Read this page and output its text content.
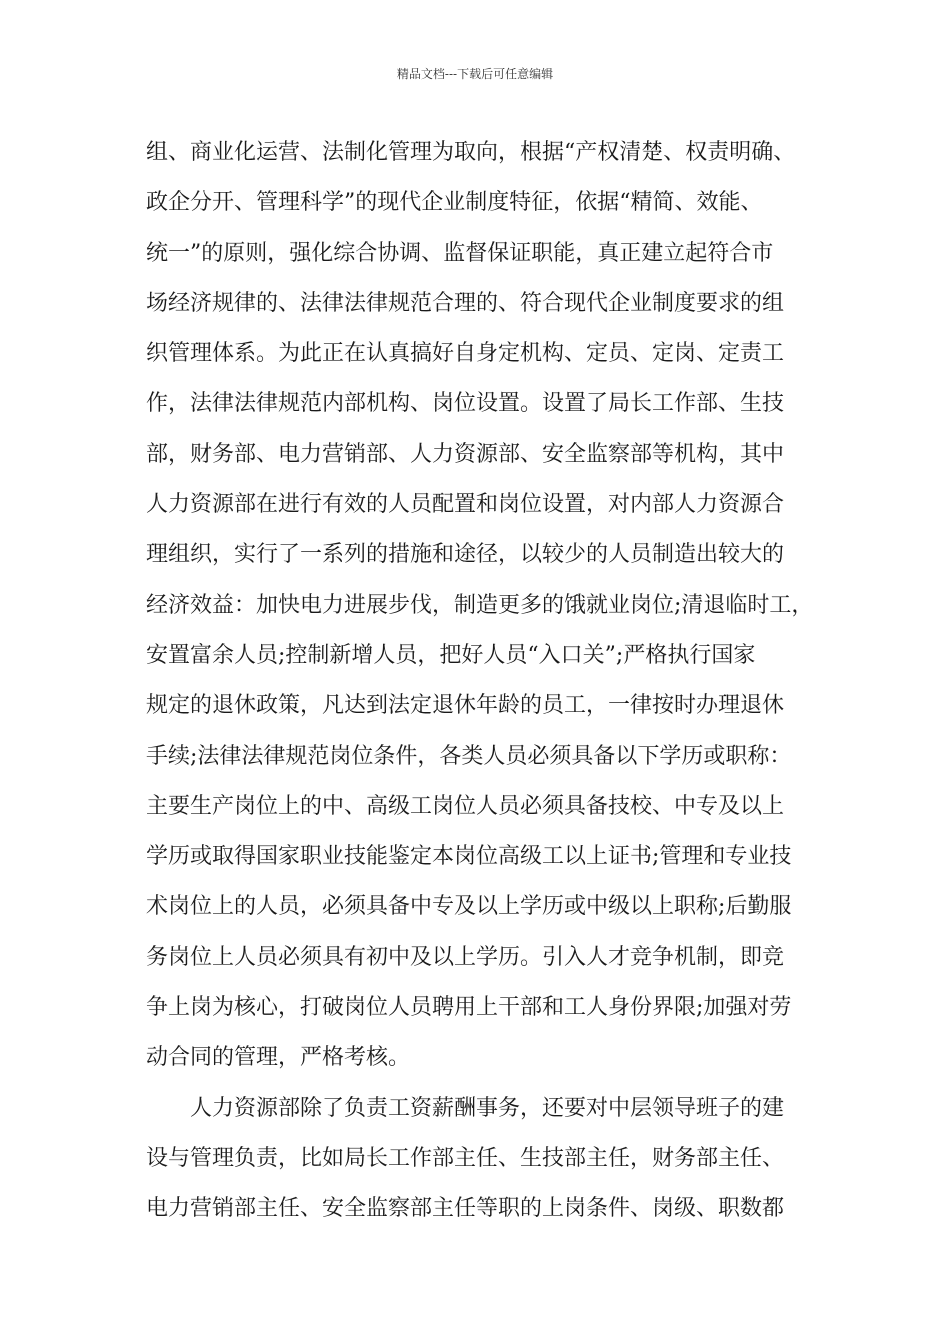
精品文档---下载后可任意编辑
组、商业化运营、法制化管理为取向，根据“产权清楚、权责明确、
政企分开、管理科学”的现代企业制度特征，依据“精简、效能、
统一”的原则，强化综合协调、监督保证职能，真正建立起符合市
场经济规律的、法律法律规范合理的、符合现代企业制度要求的组
织管理体系。为此正在认真搞好自身定机构、定员、定岗、定责工
作，法律法律规范内部机构、岗位设置。设置了局长工作部、生技
部，财务部、电力营销部、人力资源部、安全监察部等机构，其中
人力资源部在进行有效的人员配置和岗位设置，对内部人力资源合
理组织，实行了一系列的措施和途径，以较少的人员制造出较大的
经济效益：加快电力进展步伐，制造更多的饿就业岗位;清退临时工，
安置富余人员;控制新增人员，把好人员“入口关”;严格执行国家
规定的退休政策，凡达到法定退休年龄的员工，一律按时办理退休
手续;法律法律规范岗位条件，各类人员必须具备以下学历或职称：
主要生产岗位上的中、高级工岗位人员必须具备技校、中专及以上
学历或取得国家职业技能鉴定本岗位高级工以上证书;管理和专业技
术岗位上的人员，必须具备中专及以上学历或中级以上职称;后勤服
务岗位上人员必须具有初中及以上学历。引入人才竞争机制，即竞
争上岗为核心，打破岗位人员聘用上干部和工人身份界限;加强对劳
动合同的管理，严格考核。
人力资源部除了负责工资薪酬事务，还要对中层领导班子的建
设与管理负责，比如局长工作部主任、生技部主任，财务部主任、
电力营销部主任、安全监察部主任等职的上岗条件、岗级、职数都
